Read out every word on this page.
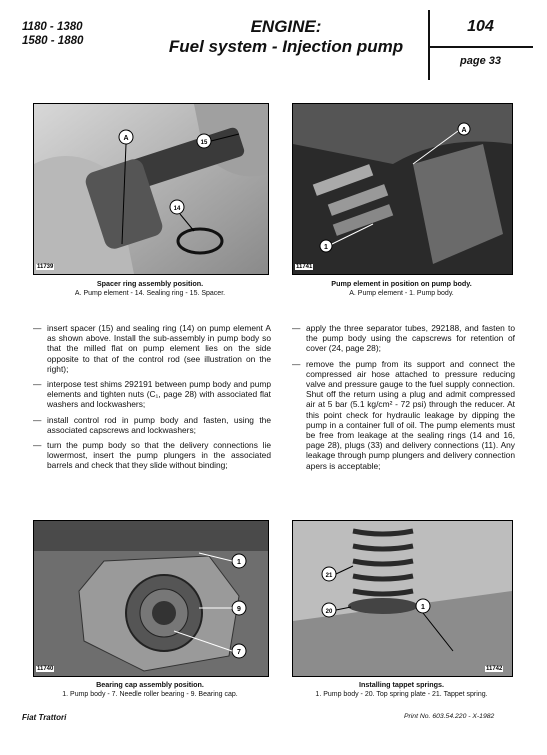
1180 - 1380
1580 - 1880
ENGINE:
Fuel system - Injection pump
104
page 33
A
15
14
11739
Spacer ring assembly position.
A. Pump element - 14. Sealing ring - 15. Spacer.
A
1
11741
Pump element in position on pump body.
A. Pump element - 1. Pump body.
— insert spacer (15) and sealing ring (14) on pump element A as shown above. Install the sub-assembly in pump body so that the milled flat on pump element lies on the side opposite to that of the control rod (see illustration on the right);
— interpose test shims 292191 between pump body and pump elements and tighten nuts (C₁, page 28) with associated flat washers and lockwashers;
— install control rod in pump body and fasten, using the associated capscrews and lockwashers;
— turn the pump body so that the delivery connections lie lowermost, insert the pump plungers in the associated barrels and check that they slide without binding;
— apply the three separator tubes, 292188, and fasten to the pump body using the capscrews for retention of cover (24, page 28);
— remove the pump from its support and connect the compressed air hose attached to pressure reducing valve and pressure gauge to the fuel supply connection. Shut off the return using a plug and admit compressed air at 5 bar (5.1 kg/cm² - 72 psi) through the reducer. At this point check for hydraulic leakage by dipping the pump in a container full of oil. The pump elements must be free from leakage at the sealing rings (14 and 16, page 28), plugs (33) and delivery connections (11). Any leakage through pump plungers and delivery connection apers is acceptable;
1
9
7
11740
Bearing cap assembly position.
1. Pump body - 7. Needle roller bearing - 9. Bearing cap.
21
20
1
11742
Installing tappet springs.
1. Pump body - 20. Top spring plate - 21. Tappet spring.
Fiat Trattori	Print No. 603.54.220 - X-1982
